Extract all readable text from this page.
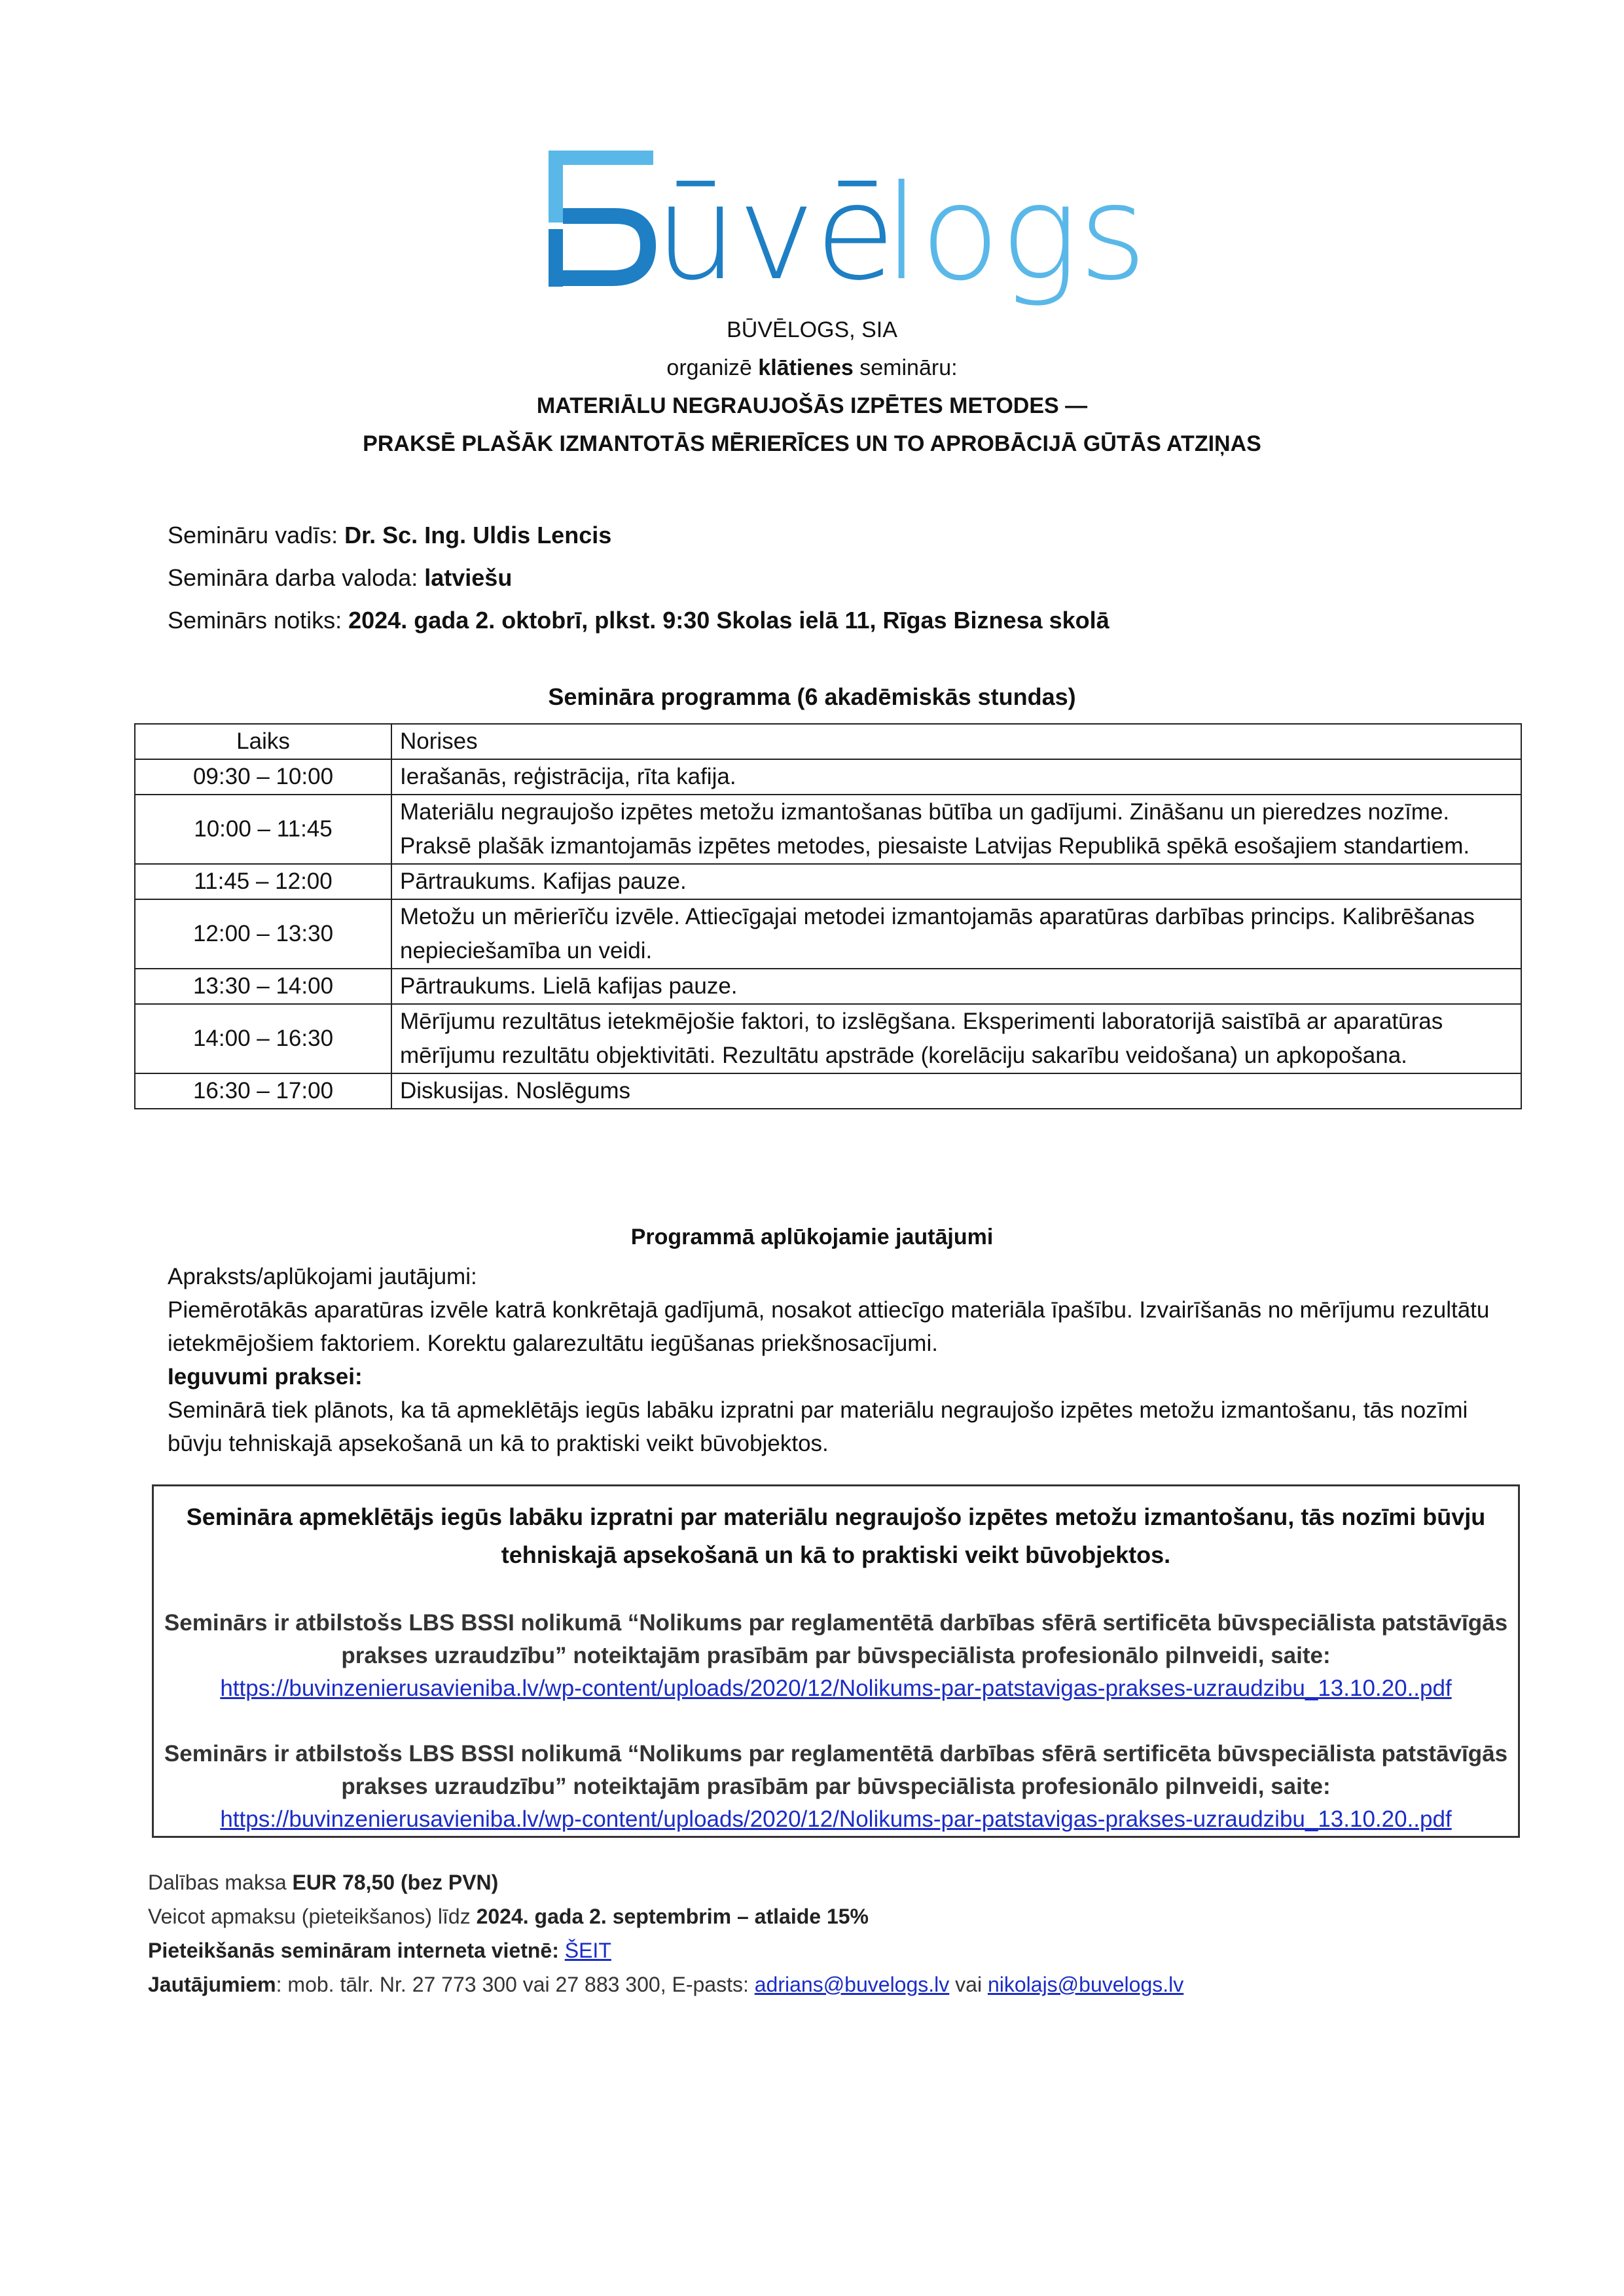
ūvē
logs
BŪVĒLOGS, SIA
organizē klātienes semināru:
MATERIĀLU NEGRAUJOŠĀS IZPĒTES METODES —
PRAKSĒ PLAŠĀK IZMANTOTĀS MĒRIERĪCES UN TO APROBĀCIJĀ GŪTĀS ATZIŅAS
Semināru vadīs: Dr. Sc. Ing. Uldis Lencis
Semināra darba valoda: latviešu
Seminārs notiks: 2024. gada 2. oktobrī, plkst. 9:30 Skolas ielā 11, Rīgas Biznesa skolā
Semināra programma (6 akadēmiskās stundas)
Laiks	Norises
09:30 – 10:00	Ierašanās, reģistrācija, rīta kafija.
10:00 – 11:45	Materiālu negraujošo izpētes metožu izmantošanas būtība un gadījumi. Zināšanu un pieredzes nozīme. Praksē plašāk izmantojamās izpētes metodes, piesaiste Latvijas Republikā spēkā esošajiem standartiem.
11:45 – 12:00	Pārtraukums. Kafijas pauze.
12:00 – 13:30	Metožu un mērierīču izvēle. Attiecīgajai metodei izmantojamās aparatūras darbības princips. Kalibrēšanas nepieciešamība un veidi.
13:30 – 14:00	Pārtraukums. Lielā kafijas pauze.
14:00 – 16:30	Mērījumu rezultātus ietekmējošie faktori, to izslēgšana. Eksperimenti laboratorijā saistībā ar aparatūras mērījumu rezultātu objektivitāti. Rezultātu apstrāde (korelāciju sakarību veidošana) un apkopošana.
16:30 – 17:00	Diskusijas. Noslēgums
Programmā aplūkojamie jautājumi
Apraksts/aplūkojami jautājumi:
Piemērotākās aparatūras izvēle katrā konkrētajā gadījumā, nosakot attiecīgo materiāla īpašību. Izvairīšanās no mērījumu rezultātu ietekmējošiem faktoriem. Korektu galarezultātu iegūšanas priekšnosacījumi.
Ieguvumi praksei:
Seminārā tiek plānots, ka tā apmeklētājs iegūs labāku izpratni par materiālu negraujošo izpētes metožu izmantošanu, tās nozīmi būvju tehniskajā apsekošanā un kā to praktiski veikt būvobjektos.
Semināra apmeklētājs iegūs labāku izpratni par materiālu negraujošo izpētes metožu izmantošanu, tās nozīmi būvju tehniskajā apsekošanā un kā to praktiski veikt būvobjektos.
Seminārs ir atbilstošs LBS BSSI nolikumā “Nolikums par reglamentētā darbības sfērā sertificēta būvspeciālista patstāvīgās prakses uzraudzību” noteiktajām prasībām par būvspeciālista profesionālo pilnveidi, saite:
https://buvinzenierusavieniba.lv/wp-content/uploads/2020/12/Nolikums-par-patstavigas-prakses-uzraudzibu_13.10.20..pdf
Seminārs ir atbilstošs LBS BSSI nolikumā “Nolikums par reglamentētā darbības sfērā sertificēta būvspeciālista patstāvīgās prakses uzraudzību” noteiktajām prasībām par būvspeciālista profesionālo pilnveidi, saite:
https://buvinzenierusavieniba.lv/wp-content/uploads/2020/12/Nolikums-par-patstavigas-prakses-uzraudzibu_13.10.20..pdf
Dalības maksa EUR 78,50 (bez PVN)
Veicot apmaksu (pieteikšanos) līdz 2024. gada 2. septembrim – atlaide 15%
Pieteikšanās semināram interneta vietnē: ŠEIT
Jautājumiem: mob. tālr. Nr. 27 773 300 vai 27 883 300, E-pasts: adrians@buvelogs.lv vai nikolajs@buvelogs.lv
